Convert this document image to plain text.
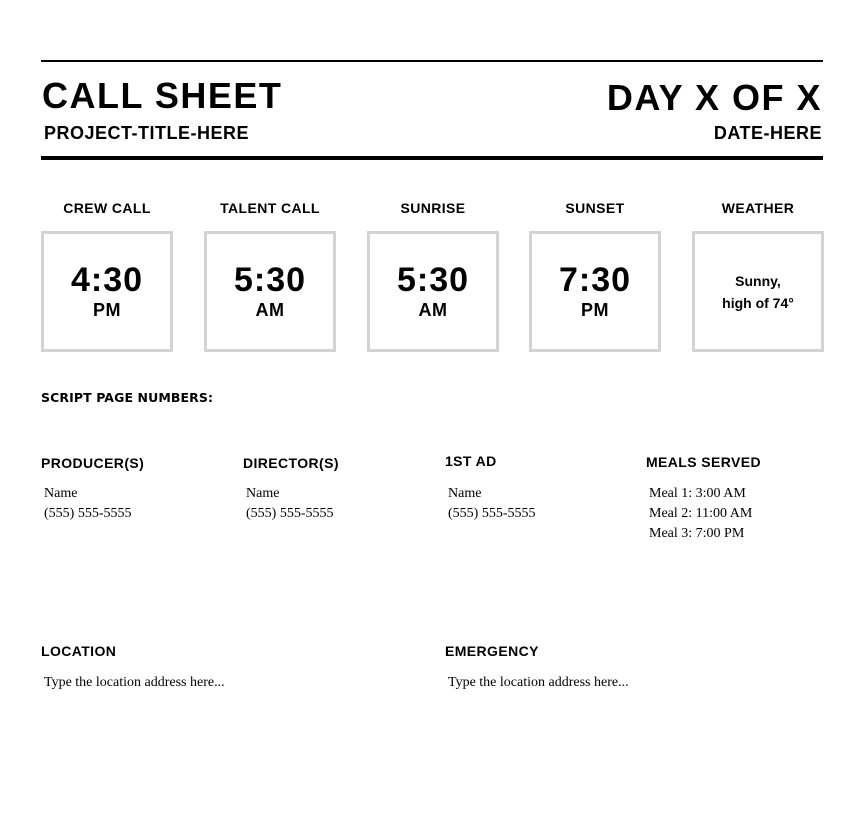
CALL SHEET
PROJECT-TITLE-HERE
DAY X OF X
DATE-HERE
CREW CALL
4:30
PM
TALENT CALL
5:30
AM
SUNRISE
5:30
AM
SUNSET
7:30
PM
WEATHER
Sunny,
high of 74°
SCRIPT PAGE NUMBERS:
PRODUCER(S)
Name
(555) 555-5555
DIRECTOR(S)
Name
(555) 555-5555
1ST AD
Name
(555) 555-5555
MEALS SERVED
Meal 1: 3:00 AM
Meal 2: 11:00 AM
Meal 3: 7:00 PM
LOCATION
Type the location address here...
EMERGENCY
Type the location address here...
